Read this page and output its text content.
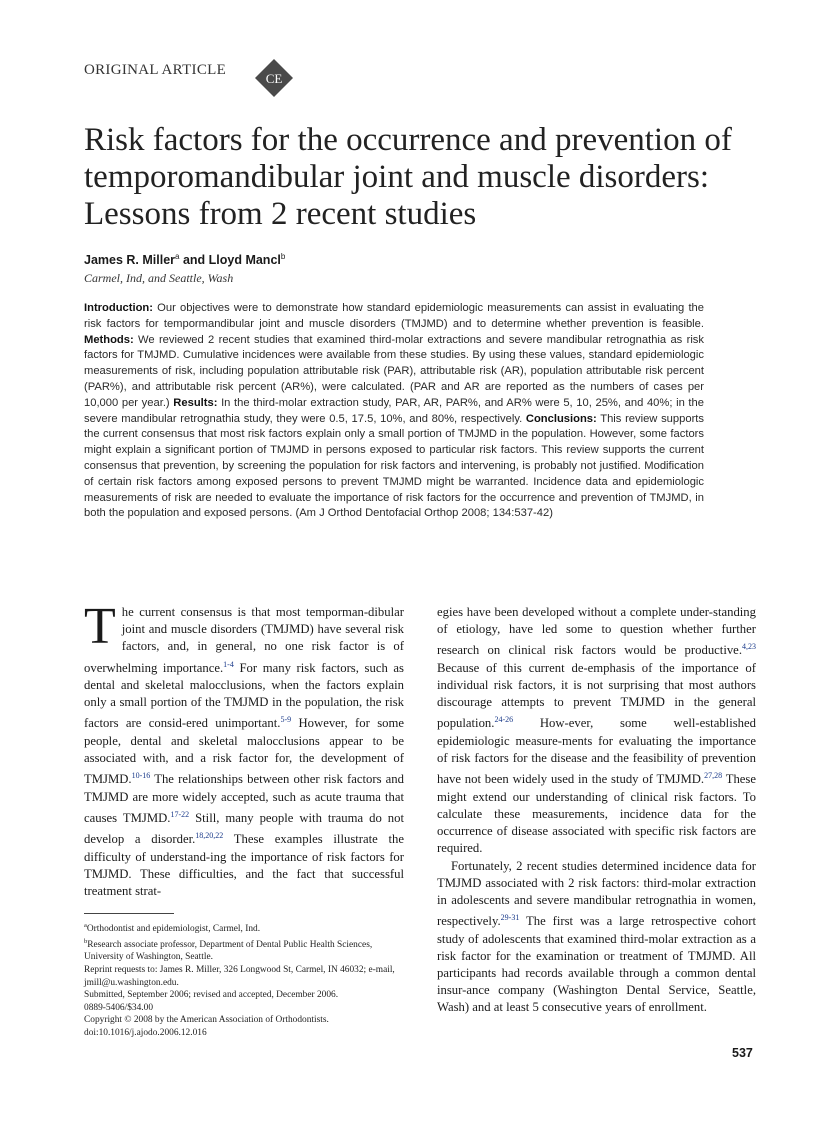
ORIGINAL ARTICLE
CE
Risk factors for the occurrence and prevention of temporomandibular joint and muscle disorders: Lessons from 2 recent studies
James R. Miller$^a$ and Lloyd Mancl$^b$
Carmel, Ind, and Seattle, Wash
Introduction: Our objectives were to demonstrate how standard epidemiologic measurements can assist in evaluating the risk factors for tempormandibular joint and muscle disorders (TMJMD) and to determine whether prevention is feasible. Methods: We reviewed 2 recent studies that examined third-molar extractions and severe mandibular retrognathia as risk factors for TMJMD. Cumulative incidences were available from these studies. By using these values, standard epidemiologic measurements of risk, including population attributable risk (PAR), attributable risk (AR), population attributable risk percent (PAR%), and attributable risk percent (AR%), were calculated. (PAR and AR are reported as the numbers of cases per 10,000 per year.) Results: In the third-molar extraction study, PAR, AR, PAR%, and AR% were 5, 10, 25%, and 40%; in the severe mandibular retrognathia study, they were 0.5, 17.5, 10%, and 80%, respectively. Conclusions: This review supports the current consensus that most risk factors explain only a small portion of TMJMD in the population. However, some factors might explain a significant portion of TMJMD in persons exposed to particular risk factors. This review supports the current consensus that prevention, by screening the population for risk factors and intervening, is probably not justified. Modification of certain risk factors among exposed persons to prevent TMJMD might be warranted. Incidence data and epidemiologic measurements of risk are needed to evaluate the importance of risk factors for the occurrence and prevention of TMJMD, in both the population and exposed persons. (Am J Orthod Dentofacial Orthop 2008; 134:537-42)

The current consensus is that most temporman-dibular joint and muscle disorders (TMJMD) have several risk factors, and, in general, no one risk factor is of overwhelming importance.$^{1-4}$ For many risk factors, such as dental and skeletal malocclusions, when the factors explain only a small portion of the TMJMD in the population, the risk factors are consid-ered unimportant.$^{5-9}$ However, for some people, dental and skeletal malocclusions appear to be associated with, and a risk factor for, the development of TMJMD.$^{10-16}$ The relationships between other risk factors and TMJMD are more widely accepted, such as acute trauma that causes TMJMD.$^{17-22}$ Still, many people with trauma do not develop a disorder.$^{18,20,22}$ These examples illustrate the difficulty of understand-ing the importance of risk factors for TMJMD. These difficulties, and the fact that successful treatment strat-

egies have been developed without a complete under-standing of etiology, have led some to question whether further research on clinical risk factors would be productive.$^{4,23}$ Because of this current de-emphasis of the importance of individual risk factors, it is not surprising that most authors discourage attempts to prevent TMJMD in the general population.$^{24-26}$ How-ever, some well-established epidemiologic measure-ments for evaluating the importance of risk factors for the disease and the feasibility of prevention have not been widely used in the study of TMJMD.$^{27,28}$ These might extend our understanding of clinical risk factors. To calculate these measurements, incidence data for the occurrence of disease associated with specific risk factors are required.

Fortunately, 2 recent studies determined incidence data for TMJMD associated with 2 risk factors: third-molar extraction in adolescents and severe mandibular retrognathia in women, respectively.$^{29-31}$ The first was a large retrospective cohort study of adolescents that examined third-molar extraction as a risk factor for the examination or treatment of TMJMD. All participants had records available through a common dental insur-ance company (Washington Dental Service, Seattle, Wash) and at least 5 consecutive years of enrollment.

$^a$Orthodontist and epidemiologist, Carmel, Ind.
$^b$Research associate professor, Department of Dental Public Health Sciences, University of Washington, Seattle.
Reprint requests to: James R. Miller, 326 Longwood St, Carmel, IN 46032; e-mail, jmill@u.washington.edu.
Submitted, September 2006; revised and accepted, December 2006.
0889-5406/$34.00
Copyright © 2008 by the American Association of Orthodontists.
doi:10.1016/j.ajodo.2006.12.016
537
